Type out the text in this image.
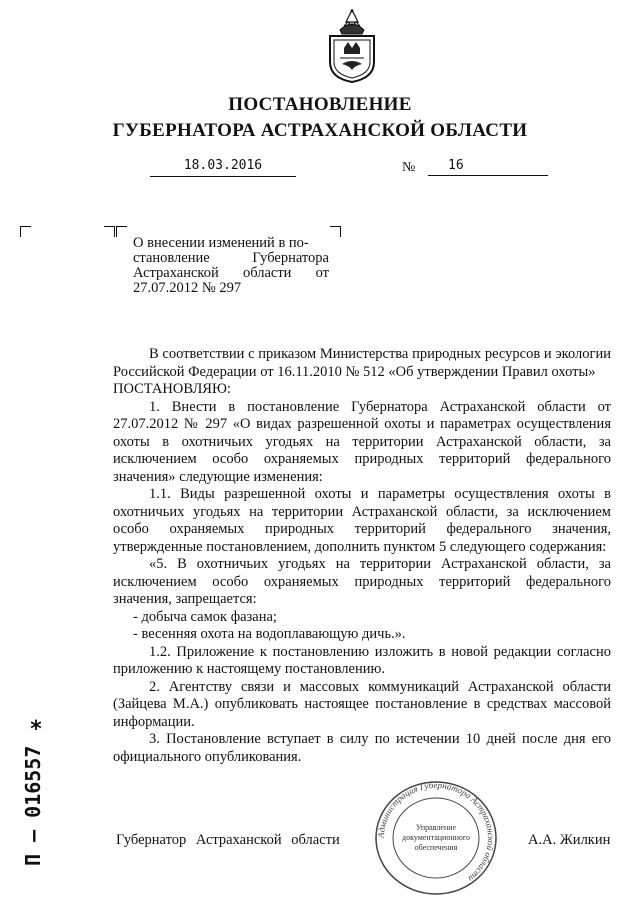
ПОСТАНОВЛЕНИЕ
ГУБЕРНАТОРА АСТРАХАНСКОЙ ОБЛАСТИ
18.03.2016	№	16
О внесении изменений в по-
становление Губернатора
Астраханской области от
27.07.2012 № 297

В соответствии с приказом Министерства природных ресурсов и экологии Российской Федерации от 16.11.2010 № 512 «Об утверждении Правил охоты»

ПОСТАНОВЛЯЮ:

1. Внести в постановление Губернатора Астраханской области от 27.07.2012 № 297 «О видах разрешенной охоты и параметрах осуществления охоты в охотничьих угодьях на территории Астраханской области, за исключением особо охраняемых природных территорий федерального значения» следующие изменения:

1.1. Виды разрешенной охоты и параметры осуществления охоты в охотничьих угодьях на территории Астраханской области, за исключением особо охраняемых природных территорий федерального значения, утвержденные постановлением, дополнить пунктом 5 следующего содержания:

«5. В охотничьих угодьях на территории Астраханской области, за исключением особо охраняемых природных территорий федерального значения, запрещается:

- добыча самок фазана;

- весенняя охота на водоплавающую дичь.».

1.2. Приложение к постановлению изложить в новой редакции согласно приложению к настоящему постановлению.

2. Агентству связи и массовых коммуникаций Астраханской области (Зайцева М.А.) опубликовать настоящее постановление в средствах массовой информации.

3. Постановление вступает в силу по истечении 10 дней после дня его официального опубликования.

Администрация Губернатора Астраханской области
Управление
документационного
обеспечения
Губернатор Астраханской области	А.А. Жилкин
*
П – 016557
